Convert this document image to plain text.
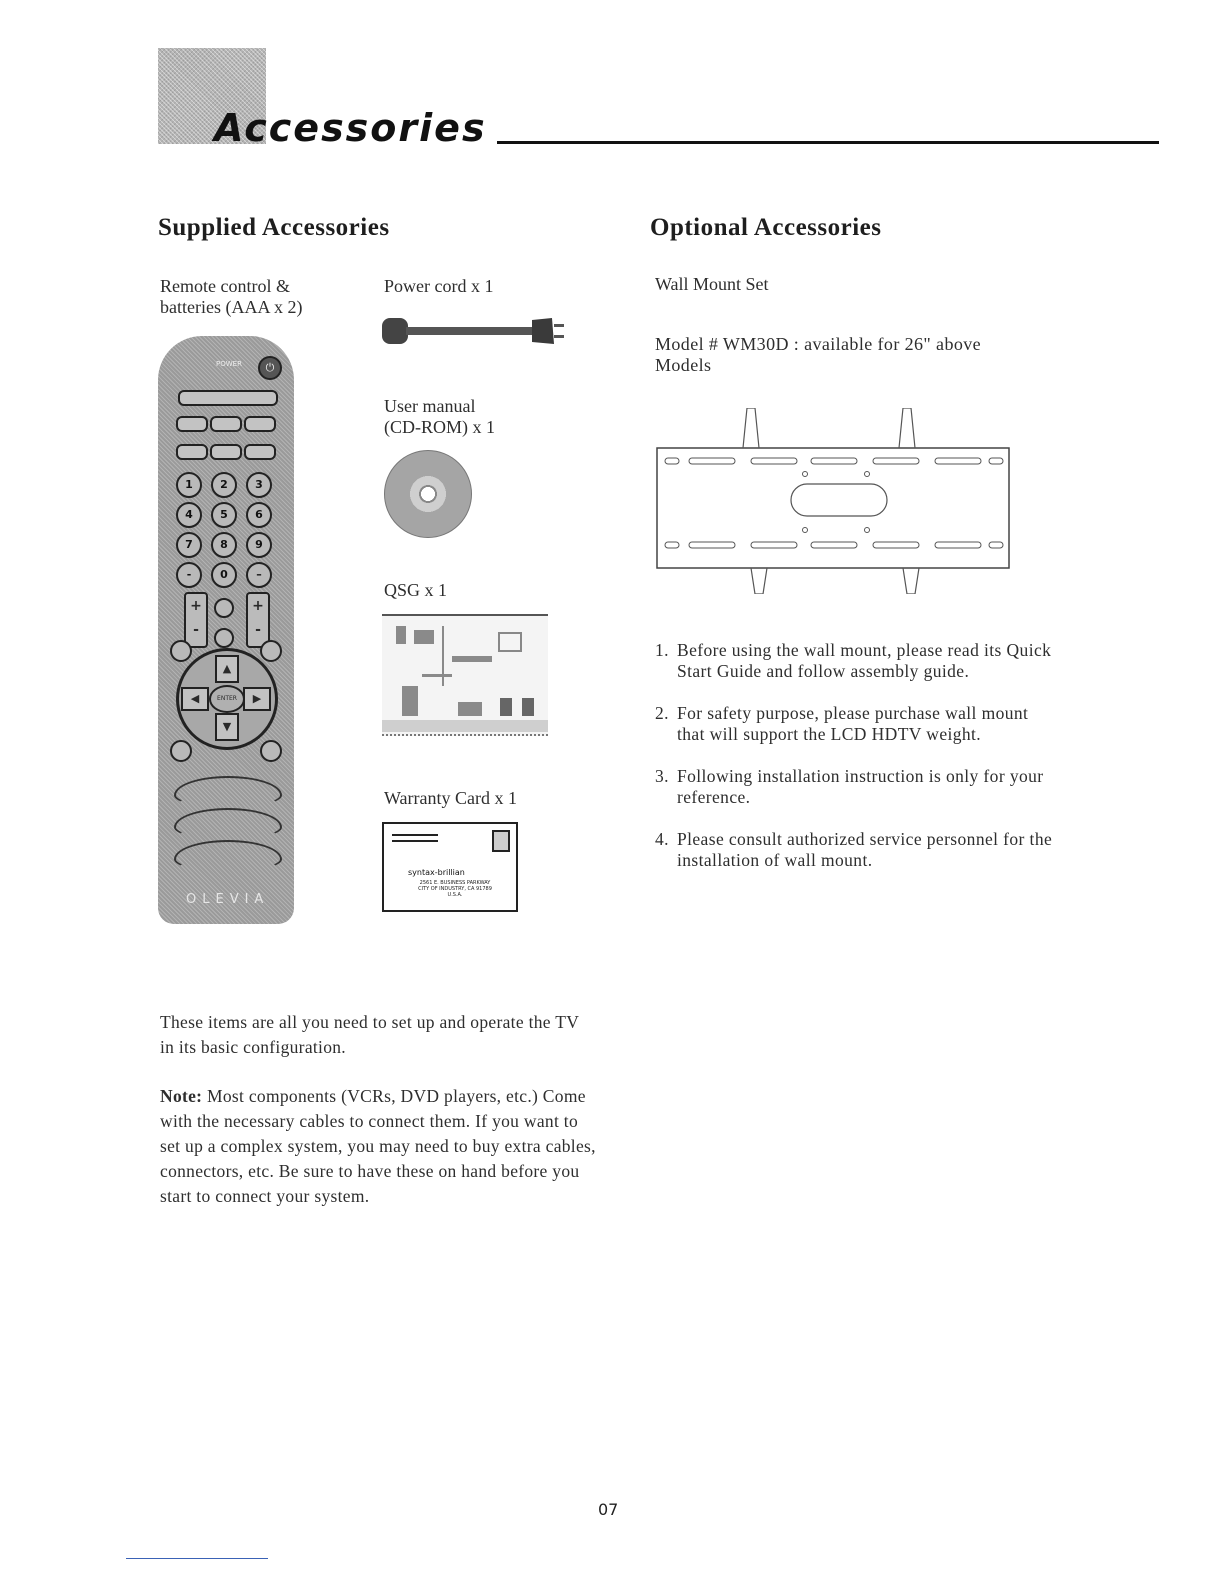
Accessories
Supplied Accessories	Optional Accessories
Remote control &
batteries (AAA x 2)
POWER	⏻
1	2	3
4	5	6
7	8	9
-	0	–
+
-
+
-
▲
▼
◀	▶
ENTER
OLEVIA
Power cord x 1
User manual
(CD-ROM) x 1
QSG x 1
Warranty Card x 1
syntax-brillian
2561 E. BUSINESS PARKWAY
CITY OF INDUSTRY, CA 91789
U.S.A.
Wall Mount Set
Model # WM30D : available for 26" above
Models
1. Before using the wall mount, please read its Quick Start Guide and follow assembly guide.
2. For safety purpose, please purchase wall mount that will support the LCD HDTV weight.
3. Following installation instruction is only for your reference.
4. Please consult authorized service personnel for the installation of wall mount.
These items are all you need to set up and operate the TV
in its basic configuration.
Note: Most components (VCRs, DVD players, etc.) Come
with the necessary cables to connect them. If you want to
set up a complex system, you may need to buy extra cables,
connectors, etc. Be sure to have these on hand before you
start to connect your system.
07
